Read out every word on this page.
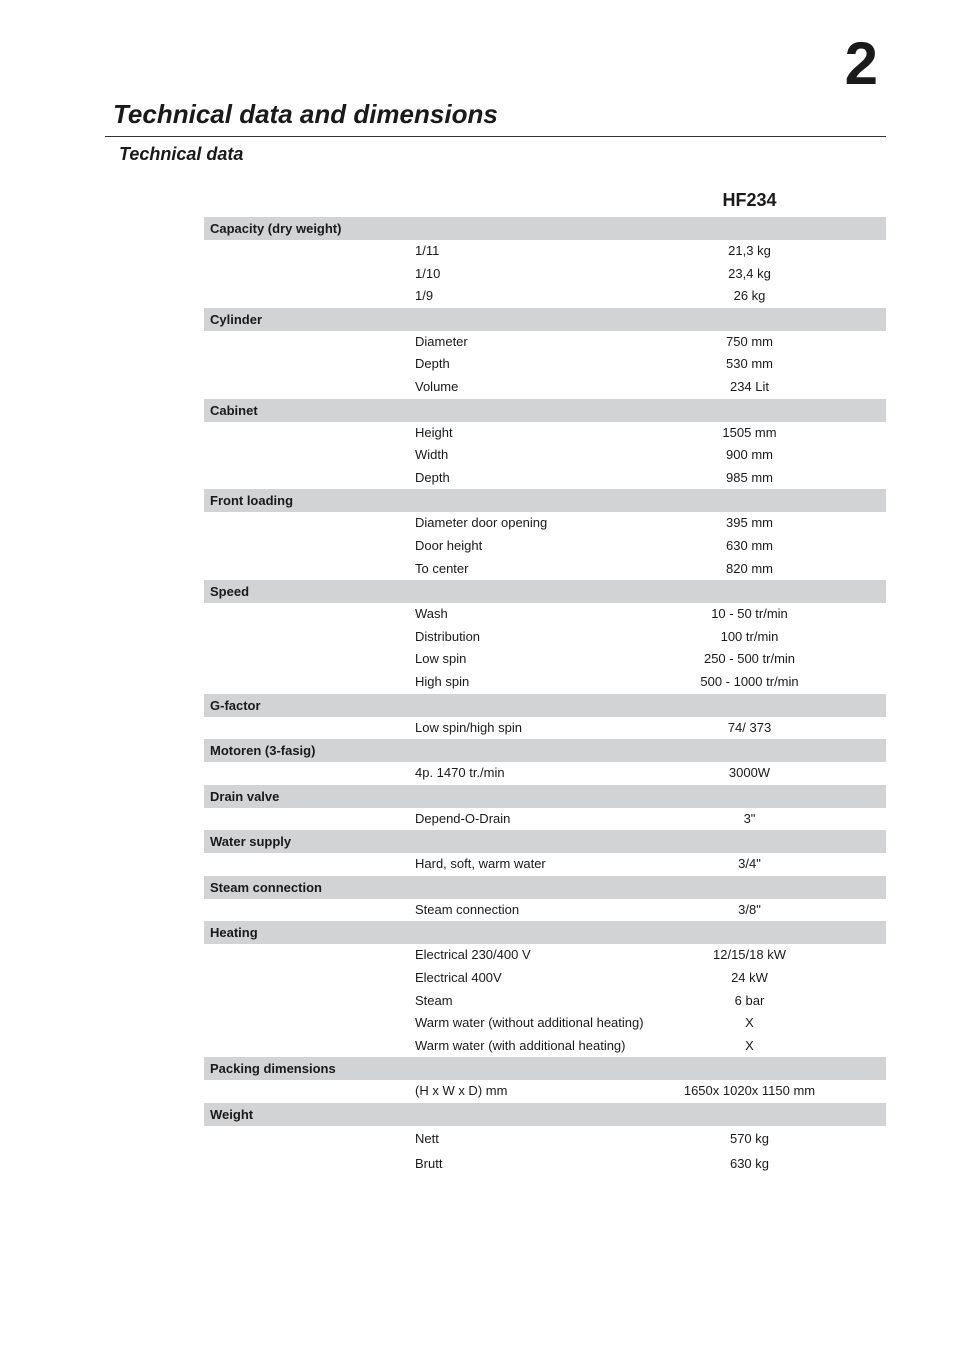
2
Technical data and dimensions
Technical data
HF234
Capacity (dry weight)
1/11	21,3 kg
1/10	23,4 kg
1/9	26 kg
Cylinder
Diameter	750 mm
Depth	530 mm
Volume	234 Lit
Cabinet
Height	1505 mm
Width	900 mm
Depth	985 mm
Front loading
Diameter door opening	395 mm
Door height	630 mm
To center	820 mm
Speed
Wash	10 - 50 tr/min
Distribution	100 tr/min
Low spin	250 - 500 tr/min
High spin	500 - 1000 tr/min
G-factor
Low spin/high spin	74/ 373
Motoren (3-fasig)
4p. 1470 tr./min	3000W
Drain valve
Depend-O-Drain	3"
Water supply
Hard, soft, warm water	3/4"
Steam connection
Steam connection	3/8"
Heating
Electrical 230/400 V	12/15/18 kW
Electrical 400V	24 kW
Steam	6 bar
Warm water (without additional heating)	X
Warm water (with additional heating)	X
Packing dimensions
(H x W x D) mm	1650x 1020x 1150 mm
Weight
Nett	570 kg
Brutt	630 kg
